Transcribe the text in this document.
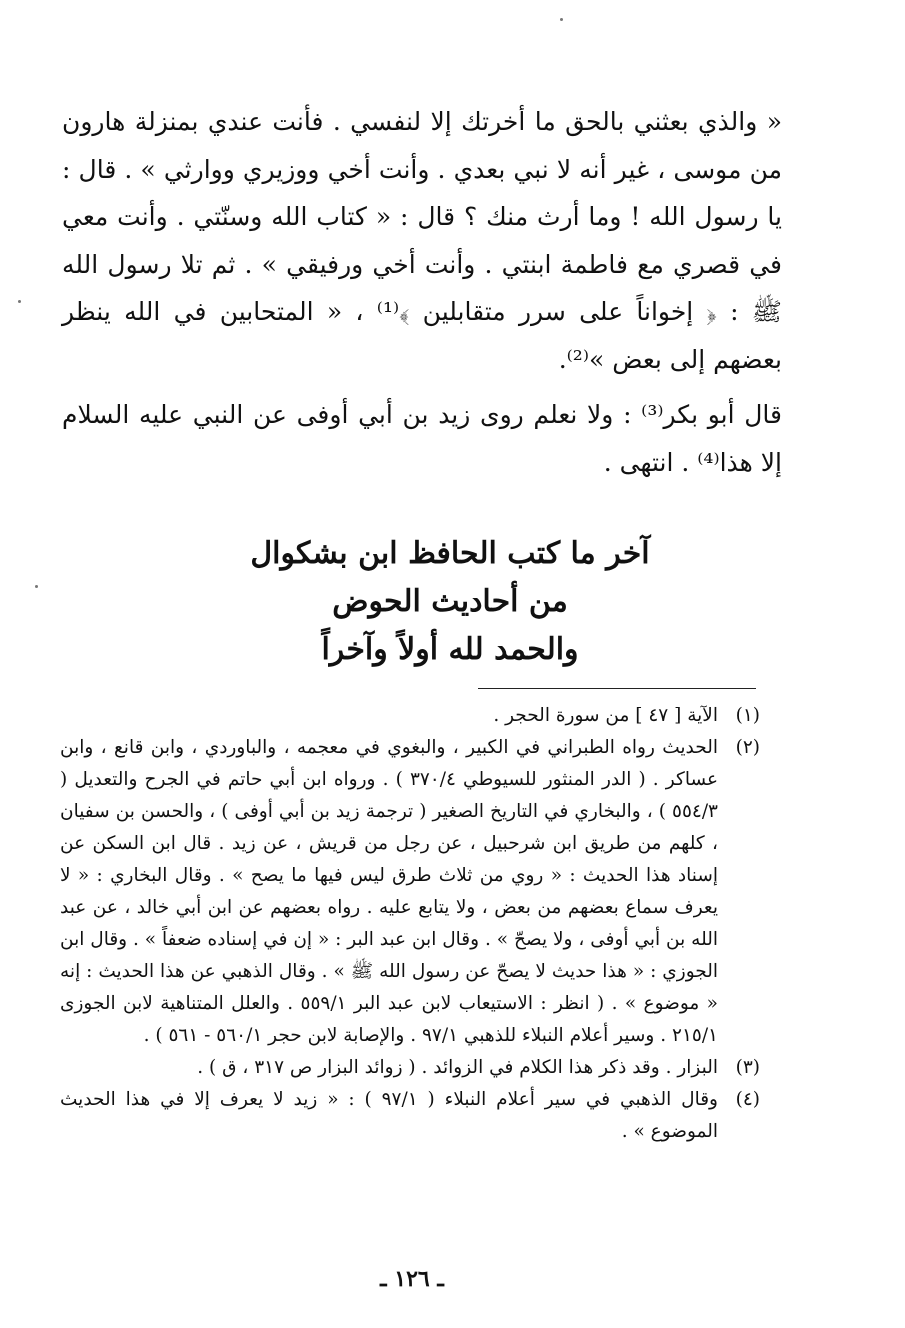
« والذي بعثني بالحق ما أخرتك إلا لنفسي . فأنت عندي بمنزلة هارون من موسى ، غير أنه لا نبي بعدي . وأنت أخي ووزيري ووارثي » . قال : يا رسول الله ! وما أرث منك ؟ قال : « كتاب الله وسنّتي . وأنت معي في قصري مع فاطمة ابنتي . وأنت أخي ورفيقي » . ثم تلا رسول الله ﷺ : ﴿ إخواناً على سرر متقابلين ﴾⁽¹⁾ ، « المتحابين في الله ينظر بعضهم إلى بعض »⁽²⁾.

قال أبو بكر⁽³⁾ : ولا نعلم روى زيد بن أبي أوفى عن النبي عليه السلام إلا هذا⁽⁴⁾ . انتهى .

آخر ما كتب الحافظ ابن بشكوال
من أحاديث الحوض
والحمد لله أولاً وآخراً
(١)
الآية [ ٤٧ ] من سورة الحجر .
(٢)
الحديث رواه الطبراني في الكبير ، والبغوي في معجمه ، والباوردي ، وابن قانع ، وابن عساكر . ( الدر المنثور للسيوطي ٣٧٠/٤ ) . ورواه ابن أبي حاتم في الجرح والتعديل ( ٥٥٤/٣ ) ، والبخاري في التاريخ الصغير ( ترجمة زيد بن أبي أوفى ) ، والحسن بن سفيان ، كلهم من طريق ابن شرحبيل ، عن رجل من قريش ، عن زيد . قال ابن السكن عن إسناد هذا الحديث : « روي من ثلاث طرق ليس فيها ما يصح » . وقال البخاري : « لا يعرف سماع بعضهم من بعض ، ولا يتابع عليه . رواه بعضهم عن ابن أبي خالد ، عن عبد الله بن أبي أوفى ، ولا يصحّ » . وقال ابن عبد البر : « إن في إسناده ضعفاً » . وقال ابن الجوزي : « هذا حديث لا يصحّ عن رسول الله ﷺ » . وقال الذهبي عن هذا الحديث : إنه « موضوع » . ( انظر : الاستيعاب لابن عبد البر ٥٥٩/١ . والعلل المتناهية لابن الجوزى ٢١٥/١ . وسير أعلام النبلاء للذهبي ٩٧/١ . والإصابة لابن حجر ٥٦٠/١ - ٥٦١ ) .
(٣)
البزار . وقد ذكر هذا الكلام في الزوائد . ( زوائد البزار ص ٣١٧ ، ق ) .
(٤)
وقال الذهبي في سير أعلام النبلاء ( ٩٧/١ ) : « زيد لا يعرف إلا في هذا الحديث الموضوع » .
ـ ١٢٦ ـ
